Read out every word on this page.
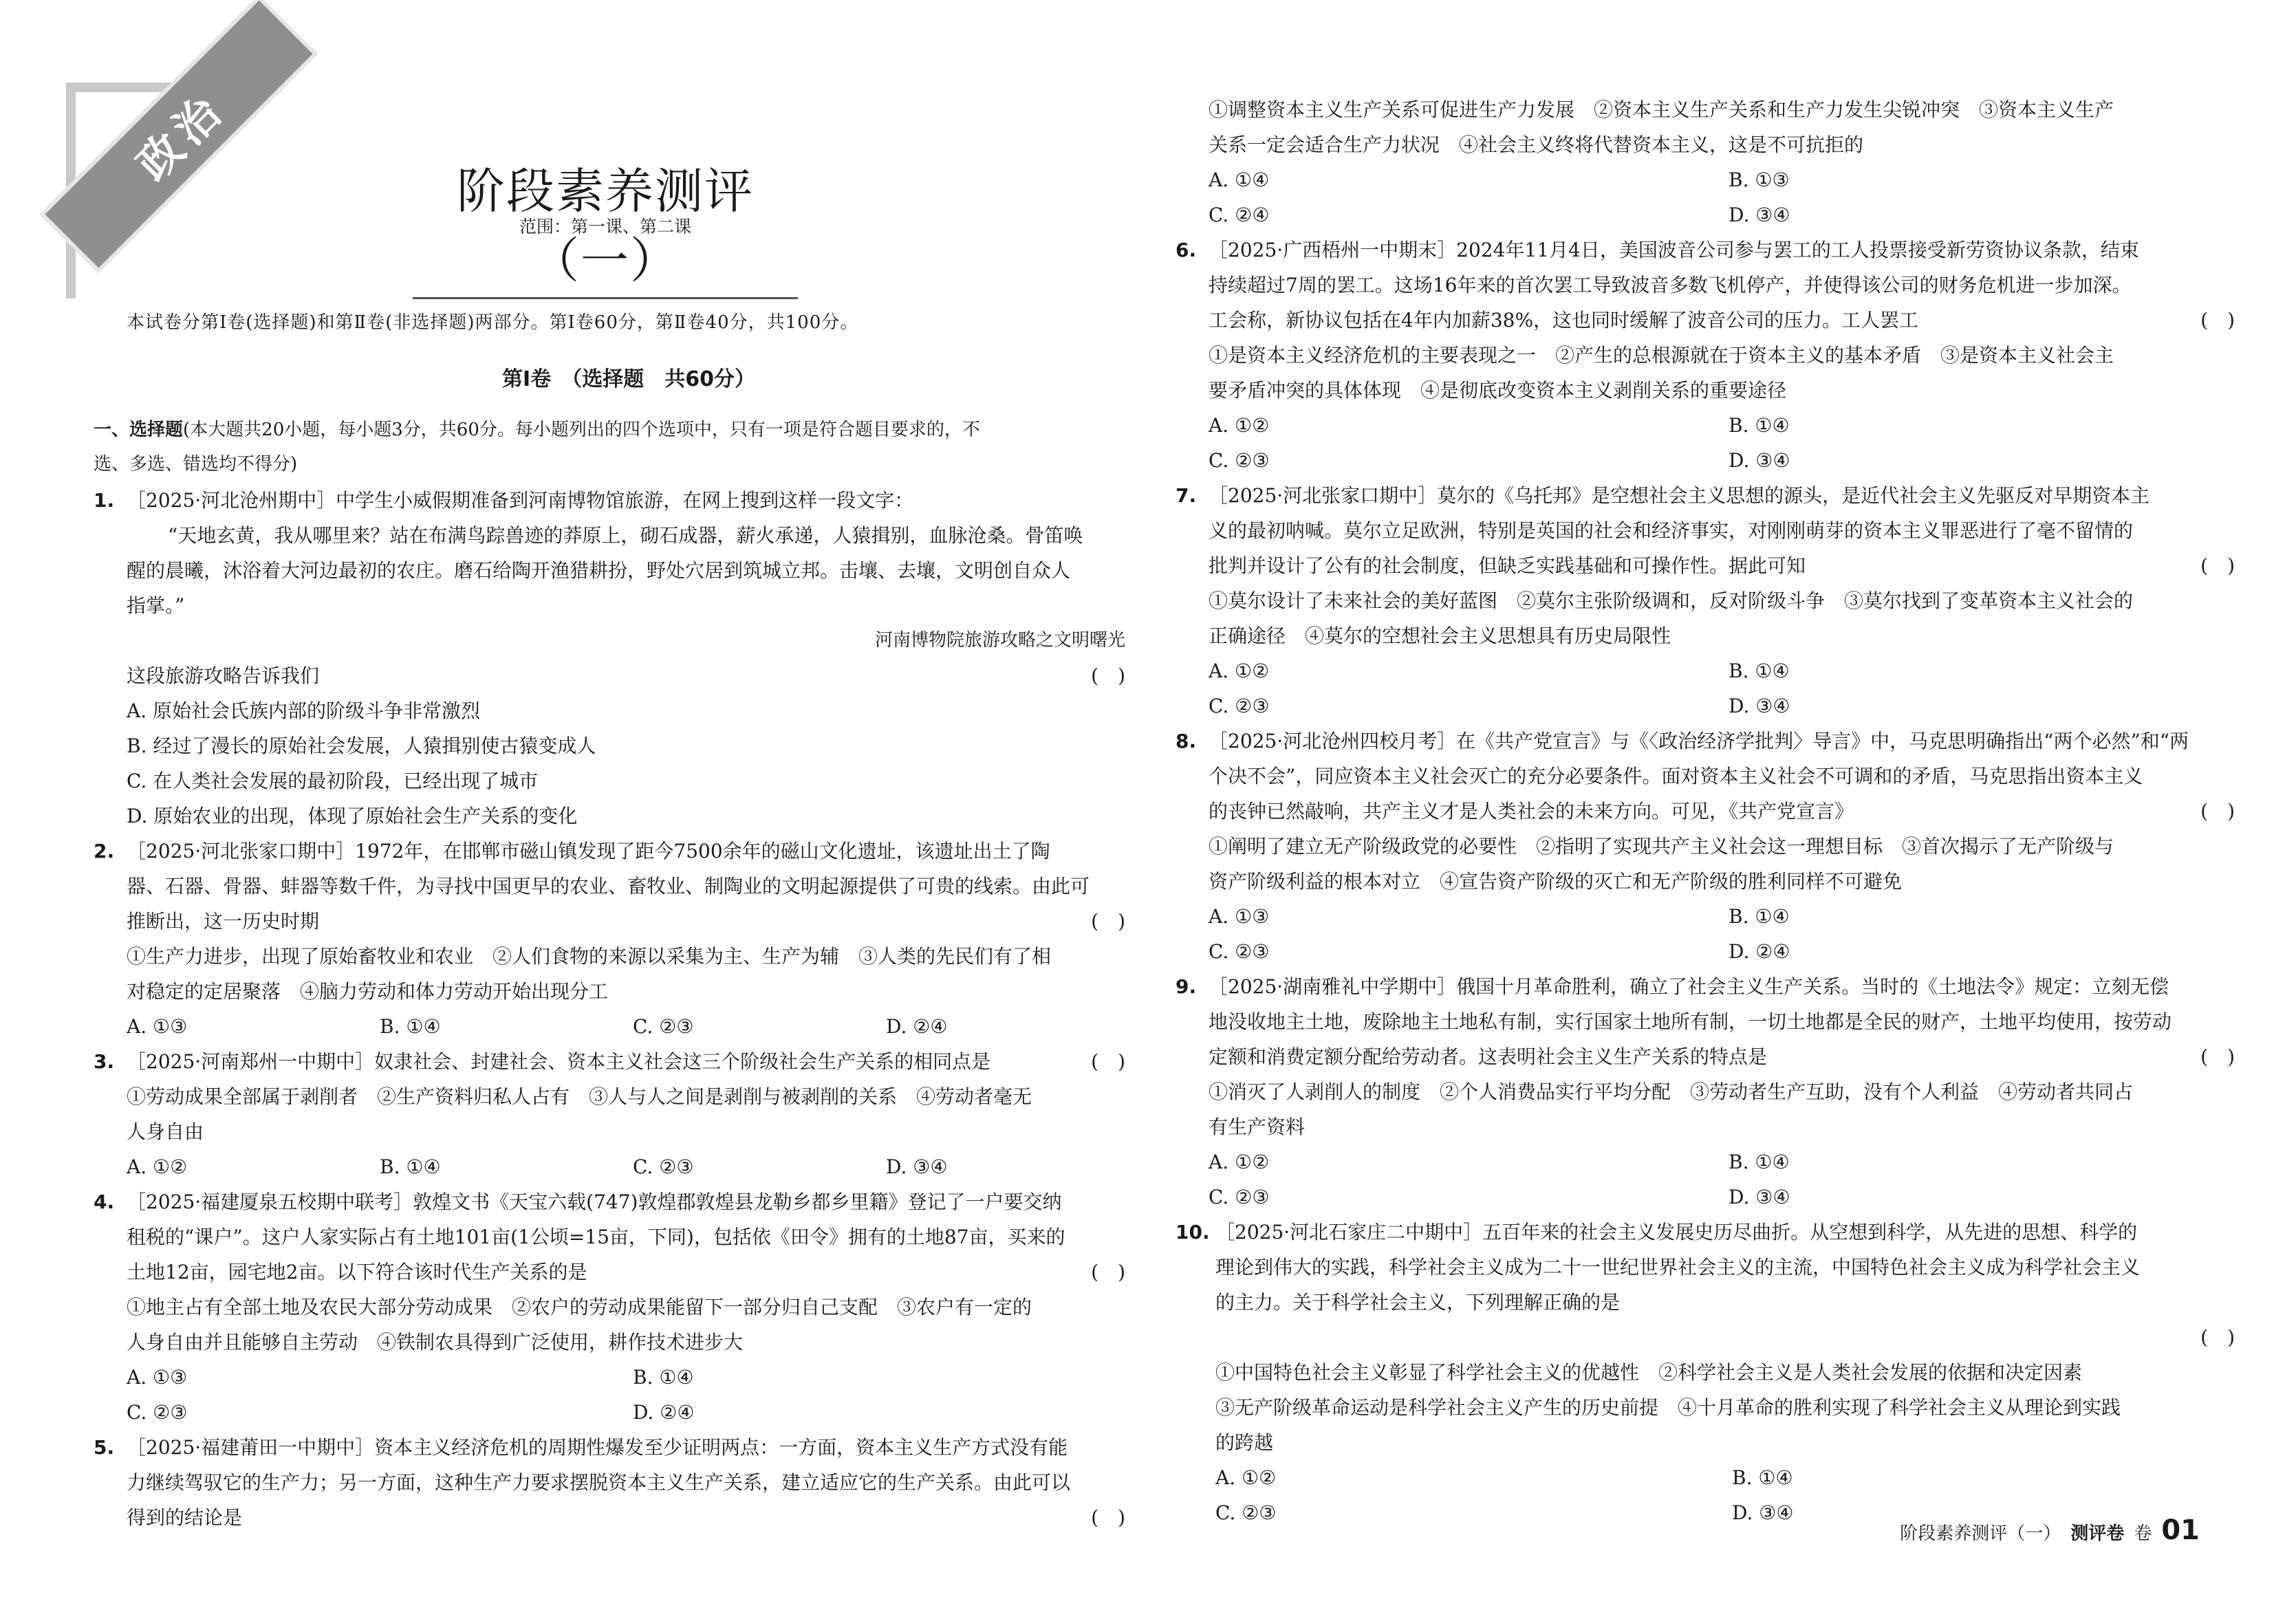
政治
阶段素养测评（一）
范围：第一课、第二课
本试卷分第Ⅰ卷(选择题)和第Ⅱ卷(非选择题)两部分。第Ⅰ卷60分，第Ⅱ卷40分，共100分。
第Ⅰ卷　（选择题　共60分）
一、选择题(本大题共20小题，每小题3分，共60分。每小题列出的四个选项中，只有一项是符合题目要求的，不
选、多选、错选均不得分)
1. ［2025·河北沧州期中］中学生小威假期准备到河南博物馆旅游，在网上搜到这样一段文字：
“天地玄黄，我从哪里来？站在布满鸟踪兽迹的莽原上，砌石成器，薪火承递，人猿揖别，血脉沧桑。骨笛唤
醒的晨曦，沐浴着大河边最初的农庄。磨石给陶开渔猎耕扮，野处穴居到筑城立邦。击壤、去壤，文明创自众人
指掌。”
河南博物院旅游攻略之文明曙光
这段旅游攻略告诉我们	(　)
A. 原始社会氏族内部的阶级斗争非常激烈
B. 经过了漫长的原始社会发展，人猿揖别使古猿变成人
C. 在人类社会发展的最初阶段，已经出现了城市
D. 原始农业的出现，体现了原始社会生产关系的变化
2. ［2025·河北张家口期中］1972年，在邯郸市磁山镇发现了距今7500余年的磁山文化遗址，该遗址出土了陶
器、石器、骨器、蚌器等数千件，为寻找中国更早的农业、畜牧业、制陶业的文明起源提供了可贵的线索。由此可
推断出，这一历史时期	(　)
①生产力进步，出现了原始畜牧业和农业　②人们食物的来源以采集为主、生产为辅　③人类的先民们有了相
对稳定的定居聚落　④脑力劳动和体力劳动开始出现分工
A. ①③	B. ①④	C. ②③	D. ②④
3. ［2025·河南郑州一中期中］奴隶社会、封建社会、资本主义社会这三个阶级社会生产关系的相同点是	(　)
①劳动成果全部属于剥削者　②生产资料归私人占有　③人与人之间是剥削与被剥削的关系　④劳动者毫无
人身自由
A. ①②	B. ①④	C. ②③	D. ③④
4. ［2025·福建厦泉五校期中联考］敦煌文书《天宝六载(747)敦煌郡敦煌县龙勒乡都乡里籍》登记了一户要交纳
租税的“课户”。这户人家实际占有土地101亩(1公顷=15亩，下同)，包括依《田令》拥有的土地87亩，买来的
土地12亩，园宅地2亩。以下符合该时代生产关系的是	(　)
①地主占有全部土地及农民大部分劳动成果　②农户的劳动成果能留下一部分归自己支配　③农户有一定的
人身自由并且能够自主劳动　④铁制农具得到广泛使用，耕作技术进步大
A. ①③	B. ①④
C. ②③	D. ②④
5. ［2025·福建莆田一中期中］资本主义经济危机的周期性爆发至少证明两点：一方面，资本主义生产方式没有能
力继续驾驭它的生产力；另一方面，这种生产力要求摆脱资本主义生产关系，建立适应它的生产关系。由此可以
得到的结论是	(　)
①调整资本主义生产关系可促进生产力发展　②资本主义生产关系和生产力发生尖锐冲突　③资本主义生产
关系一定会适合生产力状况　④社会主义终将代替资本主义，这是不可抗拒的
A. ①④	B. ①③
C. ②④	D. ③④
6. ［2025·广西梧州一中期末］2024年11月4日，美国波音公司参与罢工的工人投票接受新劳资协议条款，结束
持续超过7周的罢工。这场16年来的首次罢工导致波音多数飞机停产，并使得该公司的财务危机进一步加深。
工会称，新协议包括在4年内加薪38%，这也同时缓解了波音公司的压力。工人罢工	(　)
①是资本主义经济危机的主要表现之一　②产生的总根源就在于资本主义的基本矛盾　③是资本主义社会主
要矛盾冲突的具体体现　④是彻底改变资本主义剥削关系的重要途径
A. ①②	B. ①④
C. ②③	D. ③④
7. ［2025·河北张家口期中］莫尔的《乌托邦》是空想社会主义思想的源头，是近代社会主义先驱反对早期资本主
义的最初呐喊。莫尔立足欧洲，特别是英国的社会和经济事实，对刚刚萌芽的资本主义罪恶进行了毫不留情的
批判并设计了公有的社会制度，但缺乏实践基础和可操作性。据此可知	(　)
①莫尔设计了未来社会的美好蓝图　②莫尔主张阶级调和，反对阶级斗争　③莫尔找到了变革资本主义社会的
正确途径　④莫尔的空想社会主义思想具有历史局限性
A. ①②	B. ①④
C. ②③	D. ③④
8. ［2025·河北沧州四校月考］在《共产党宣言》与《〈政治经济学批判〉导言》中，马克思明确指出“两个必然”和“两
个决不会”，同应资本主义社会灭亡的充分必要条件。面对资本主义社会不可调和的矛盾，马克思指出资本主义
的丧钟已然敲响，共产主义才是人类社会的未来方向。可见，《共产党宣言》	(　)
①阐明了建立无产阶级政党的必要性　②指明了实现共产主义社会这一理想目标　③首次揭示了无产阶级与
资产阶级利益的根本对立　④宣告资产阶级的灭亡和无产阶级的胜利同样不可避免
A. ①③	B. ①④
C. ②③	D. ②④
9. ［2025·湖南雅礼中学期中］俄国十月革命胜利，确立了社会主义生产关系。当时的《土地法令》规定：立刻无偿
地没收地主土地，废除地主土地私有制，实行国家土地所有制，一切土地都是全民的财产，土地平均使用，按劳动
定额和消费定额分配给劳动者。这表明社会主义生产关系的特点是	(　)
①消灭了人剥削人的制度　②个人消费品实行平均分配　③劳动者生产互助，没有个人利益　④劳动者共同占
有生产资料
A. ①②	B. ①④
C. ②③	D. ③④
10. ［2025·河北石家庄二中期中］五百年来的社会主义发展史历尽曲折。从空想到科学，从先进的思想、科学的
理论到伟大的实践，科学社会主义成为二十一世纪世界社会主义的主流，中国特色社会主义成为科学社会主义
的主力。关于科学社会主义，下列理解正确的是
(　)
①中国特色社会主义彰显了科学社会主义的优越性　②科学社会主义是人类社会发展的依据和决定因素
③无产阶级革命运动是科学社会主义产生的历史前提　④十月革命的胜利实现了科学社会主义从理论到实践
的跨越
A. ①②	B. ①④
C. ②③	D. ③④
阶段素养测评（一） 测评卷 卷 01
